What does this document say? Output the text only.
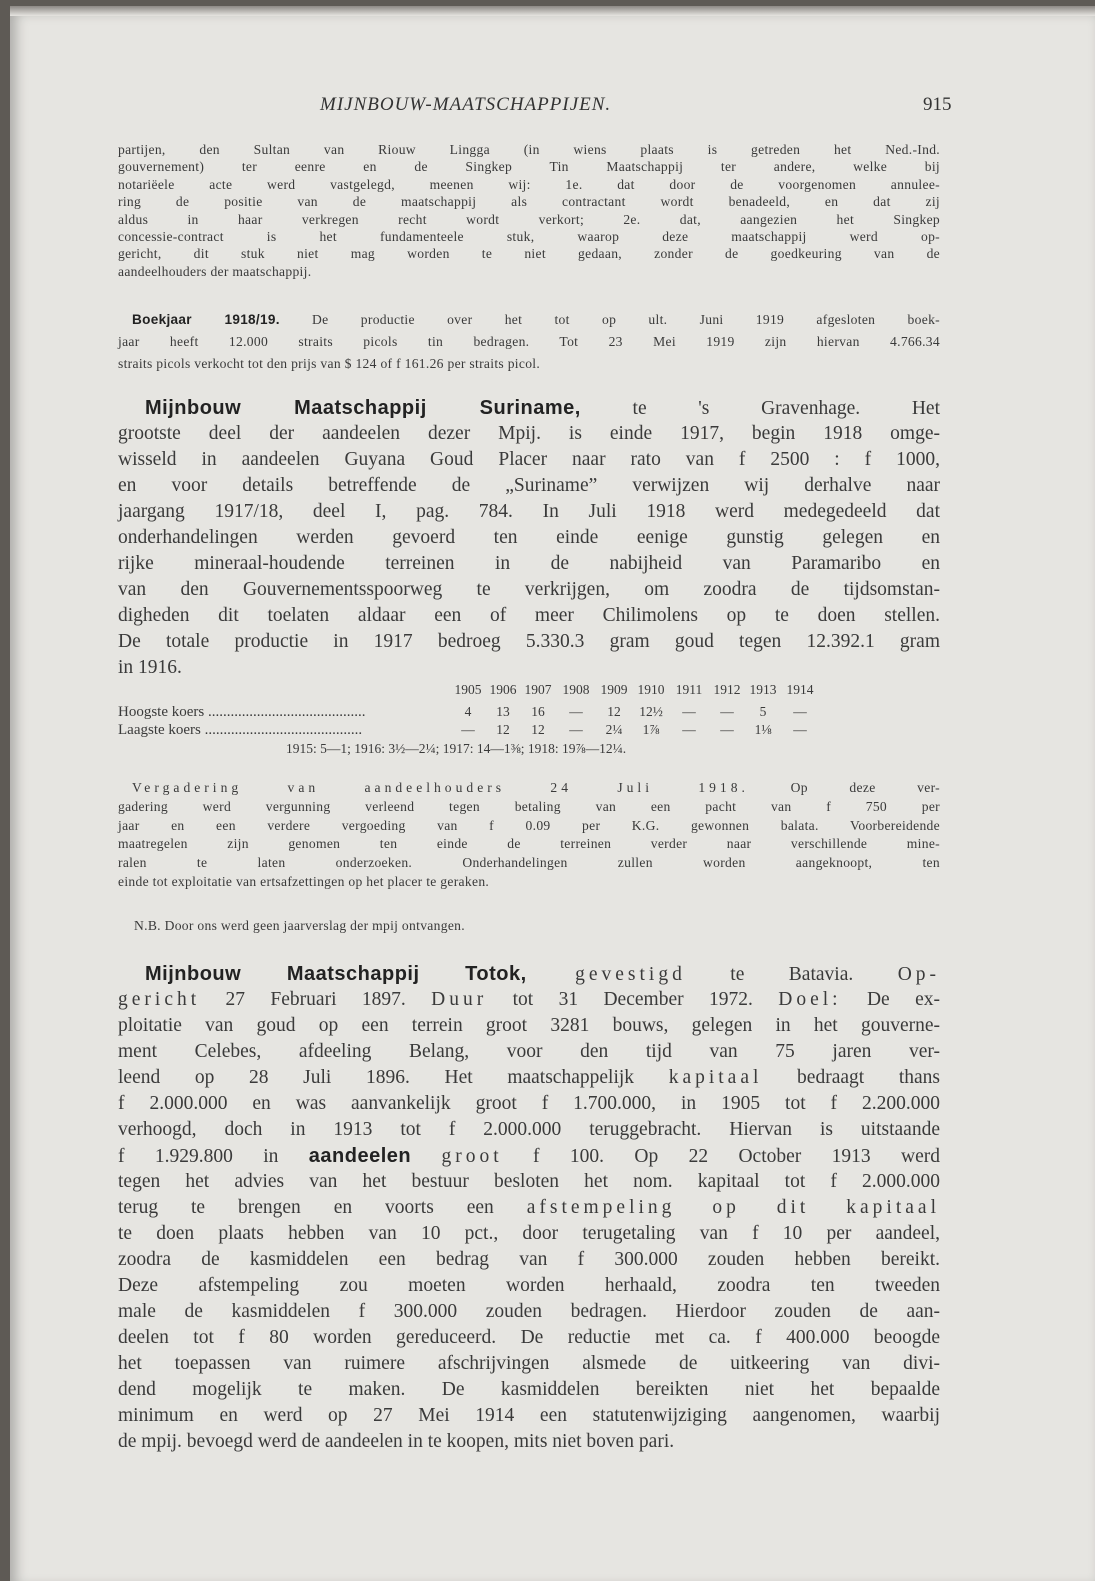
MIJNBOUW-MAATSCHAPPIJEN.	915
partijen, den Sultan van Riouw Lingga (in wiens plaats is getreden het Ned.-Ind.
gouvernement) ter eenre en de Singkep Tin Maatschappij ter andere, welke bij
notariëele acte werd vastgelegd, meenen wij: 1e. dat door de voorgenomen annulee-
ring de positie van de maatschappij als contractant wordt benadeeld, en dat zij
aldus in haar verkregen recht wordt verkort; 2e. dat, aangezien het Singkep
concessie-contract is het fundamenteele stuk, waarop deze maatschappij werd op-
gericht, dit stuk niet mag worden te niet gedaan, zonder de goedkeuring van de
aandeelhouders der maatschappij.
Boekjaar 1918/19. De productie over het tot op ult. Juni 1919 afgesloten boek-
jaar heeft 12.000 straits picols tin bedragen. Tot 23 Mei 1919 zijn hiervan 4.766.34
straits picols verkocht tot den prijs van $ 124 of f 161.26 per straits picol.
Mijnbouw Maatschappij Suriname, te 's Gravenhage. Het
grootste deel der aandeelen dezer Mpij. is einde 1917, begin 1918 omge-
wisseld in aandeelen Guyana Goud Placer naar rato van f 2500 : f 1000,
en voor details betreffende de „Suriname” verwijzen wij derhalve naar
jaargang 1917/18, deel I, pag. 784. In Juli 1918 werd medegedeeld dat
onderhandelingen werden gevoerd ten einde eenige gunstig gelegen en
rijke mineraal-houdende terreinen in de nabijheid van Paramaribo en
van den Gouvernementsspoorweg te verkrijgen, om zoodra de tijdsomstan-
digheden dit toelaten aldaar een of meer Chilimolens op te doen stellen.
De totale productie in 1917 bedroeg 5.330.3 gram goud tegen 12.392.1 gram
in 1916.
Vergadering van aandeelhouders 24 Juli 1918. Op deze ver-
gadering werd vergunning verleend tegen betaling van een pacht van f 750 per
jaar en een verdere vergoeding van f 0.09 per K.G. gewonnen balata. Voorbereidende
maatregelen zijn genomen ten einde de terreinen verder naar verschillende mine-
ralen te laten onderzoeken. Onderhandelingen zullen worden aangeknoopt, ten
einde tot exploitatie van ertsafzettingen op het placer te geraken.
N.B. Door ons werd geen jaarverslag der mpij ontvangen.
Mijnbouw Maatschappij Totok, gevestigd te Batavia. Op-
gericht 27 Februari 1897. Duur tot 31 December 1972. Doel: De ex-
ploitatie van goud op een terrein groot 3281 bouws, gelegen in het gouverne-
ment Celebes, afdeeling Belang, voor den tijd van 75 jaren ver-
leend op 28 Juli 1896. Het maatschappelijk kapitaal bedraagt thans
f 2.000.000 en was aanvankelijk groot f 1.700.000, in 1905 tot f 2.200.000
verhoogd, doch in 1913 tot f 2.000.000 teruggebracht. Hiervan is uitstaande
f 1.929.800 in aandeelen groot f 100. Op 22 October 1913 werd
tegen het advies van het bestuur besloten het nom. kapitaal tot f 2.000.000
terug te brengen en voorts een afstempeling op dit kapitaal
te doen plaats hebben van 10 pct., door terugetaling van f 10 per aandeel,
zoodra de kasmiddelen een bedrag van f 300.000 zouden hebben bereikt.
Deze afstempeling zou moeten worden herhaald, zoodra ten tweeden
male de kasmiddelen f 300.000 zouden bedragen. Hierdoor zouden de aan-
deelen tot f 80 worden gereduceerd. De reductie met ca. f 400.000 beoogde
het toepassen van ruimere afschrijvingen alsmede de uitkeering van divi-
dend mogelijk te maken. De kasmiddelen bereikten niet het bepaalde
minimum en werd op 27 Mei 1914 een statutenwijziging aangenomen, waarbij
de mpij. bevoegd werd de aandeelen in te koopen, mits niet boven pari.
1905 1906 1907 1908 1909 1910 1911 1912 1913 1914
Hoogste koers ..........................................	4	13	16	—	12	12½	—	—	5	—
Laagste koers ..........................................	—	12	12	—	2¼	1⅞	—	—	1⅛	—
1915: 5—1; 1916: 3½—2¼; 1917: 14—1⅜; 1918: 19⅞—12¼.
